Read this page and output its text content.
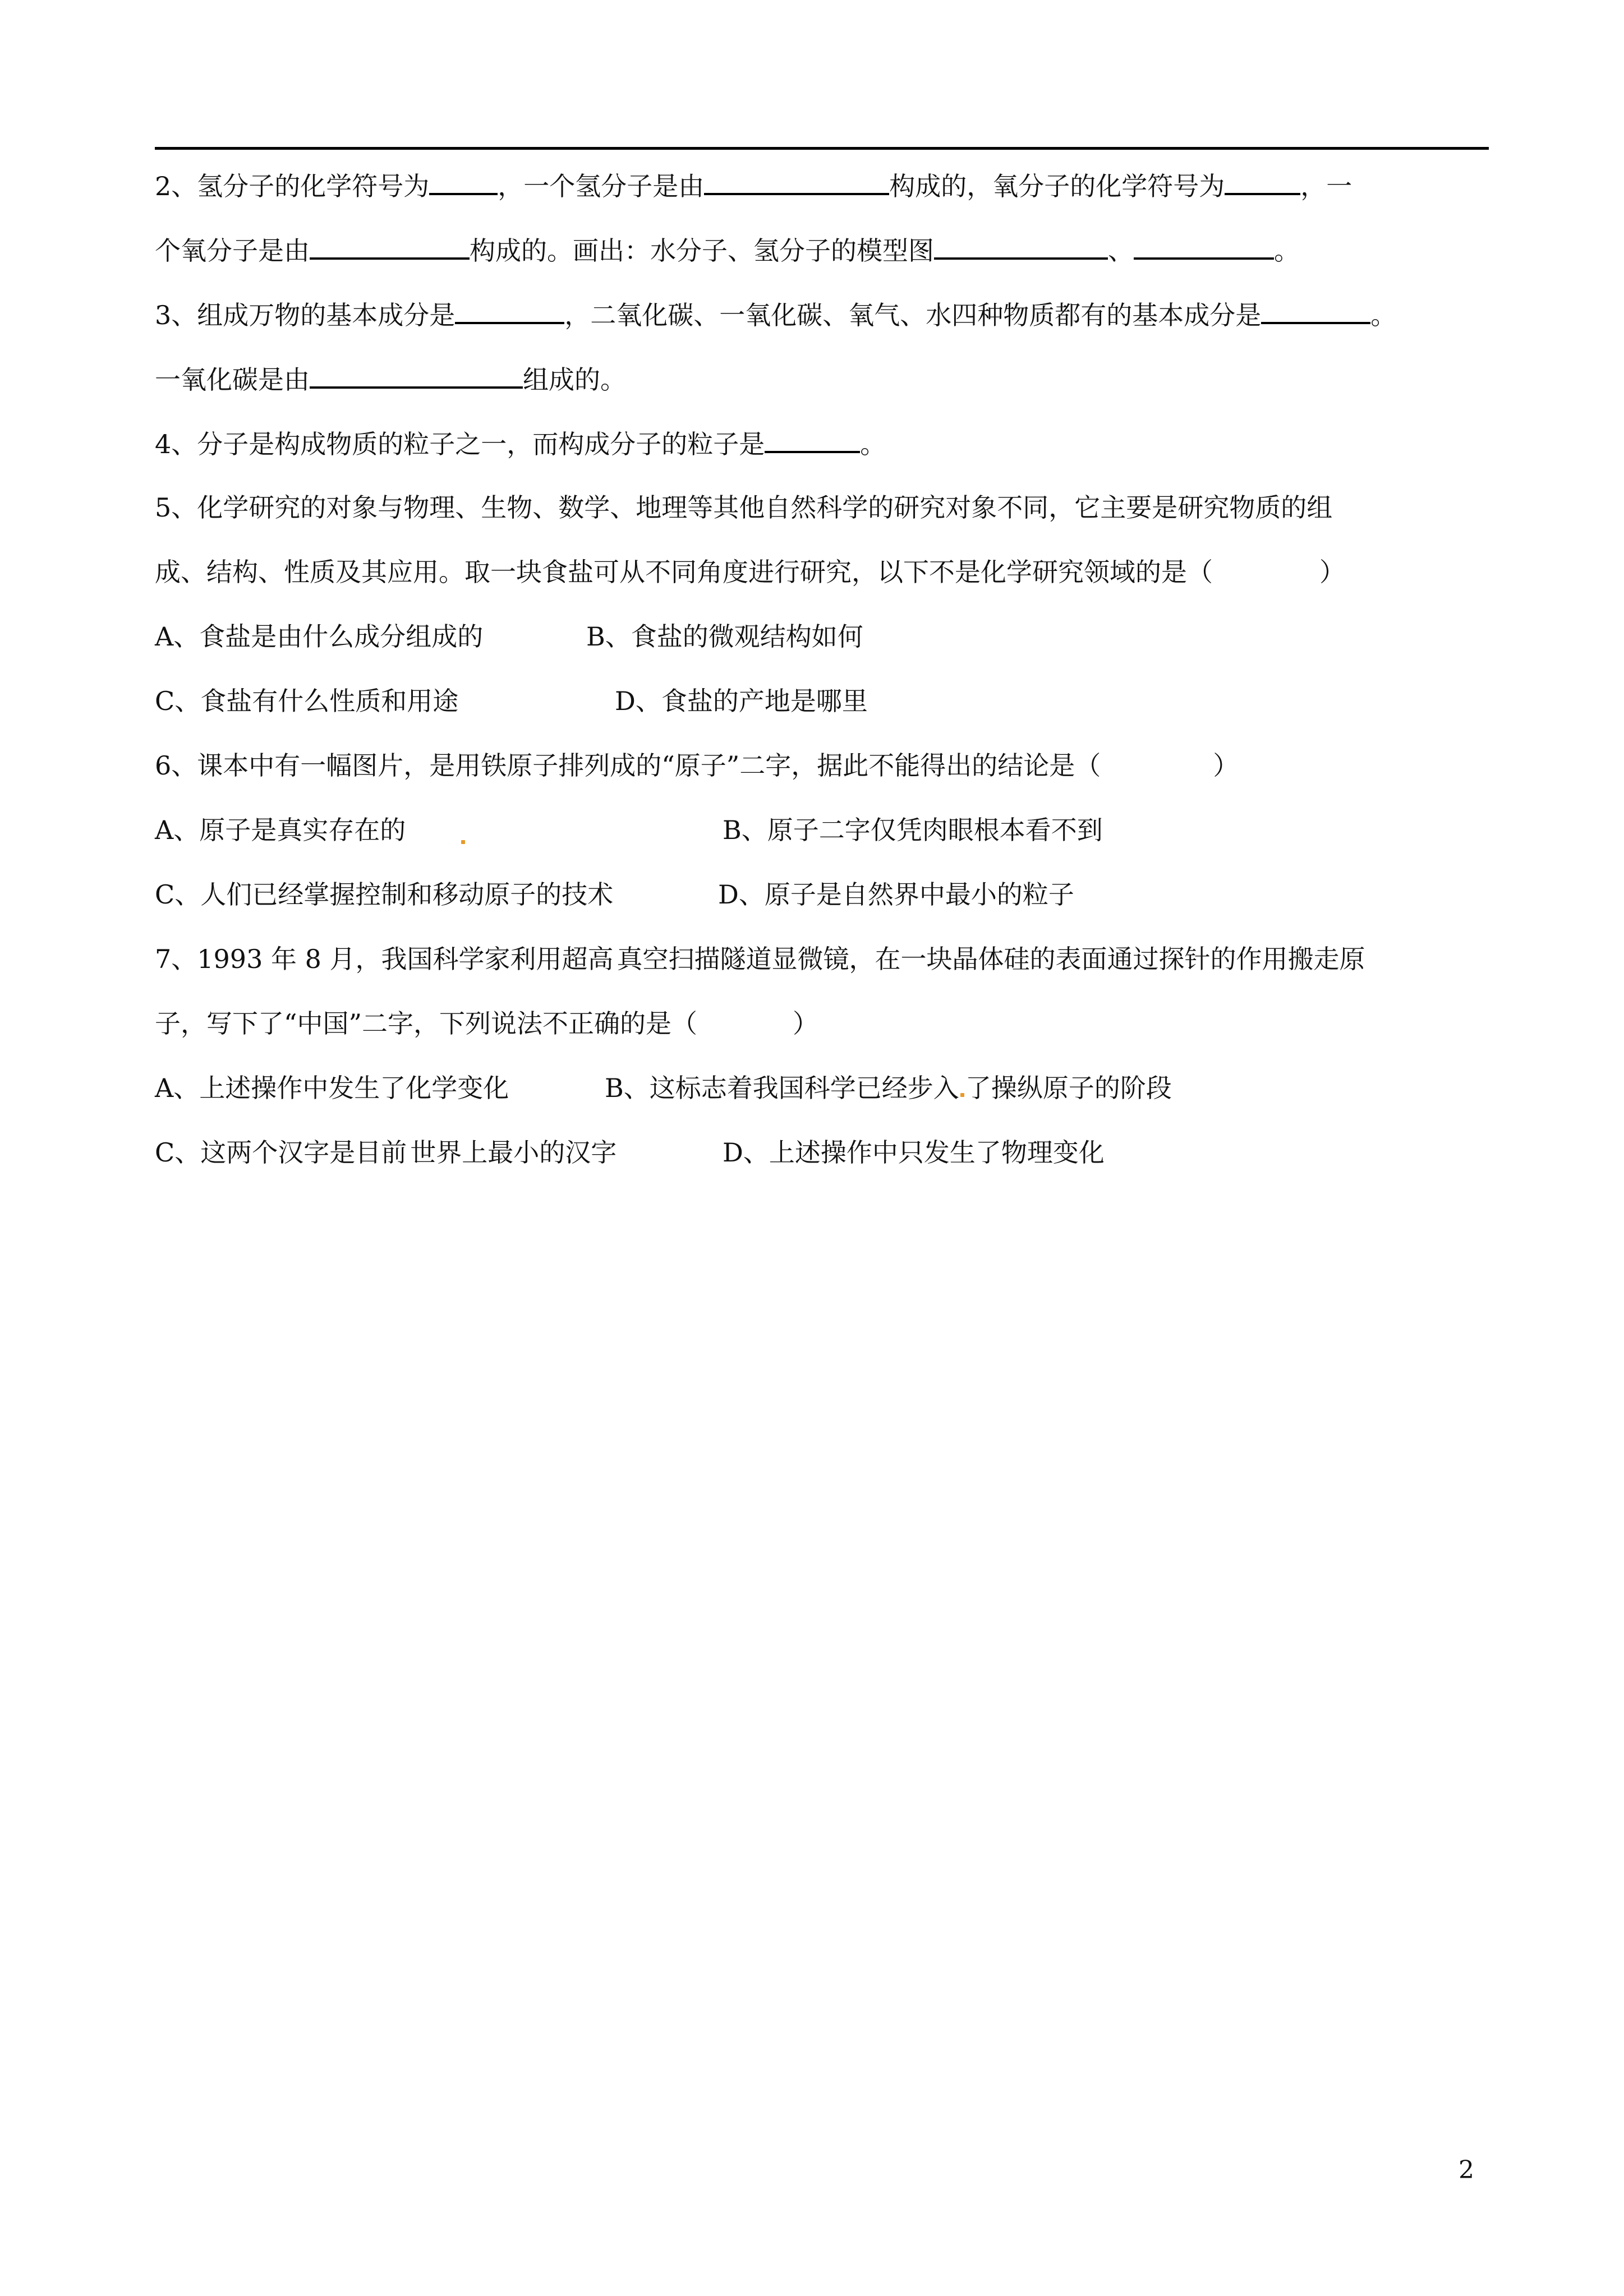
2、氢分子的化学符号为	，一个氢分子是由	构成的，氧分子的化学符号为	，一
个氧分子是由	构成的。画出：水分子、氢分子的模型图	、	。
3、组成万物的基本成分是	，二氧化碳、一氧化碳、氧气、水四种物质都有的基本成分是	。
一氧化碳是由	组成的。
4、分子是构成物质的粒子之一，而构成分子的粒子是	。
5、化学研究的对象与物理、生物、数学、地理等其他自然科学的研究对象不同，它主要是研究物质的组
成、结构、性质及其应用。取一块食盐可从不同角度进行研究，以下不是化学研究领域的是（	）
A、食盐是由什么成分组成的	B、食盐的微观结构如何
C、食盐有什么性质和用途	D、食盐的产地是哪里
6、课本中有一幅图片，是用铁原子排列成的“原子”二字，据此不能得出的结论是（	）
A、原子是真实存在的	B、原子二字仅凭肉眼根本看不到
C、人们已经掌握控制和移动原子的技术	D、原子是自然界中最小的粒子
7、1993 年 8 月，我国科学家利用超高 真空扫描隧道显微镜，在一块晶体硅的表面通过探针的作用搬走原
子，写下了“中国”二字，下列说法不正确的是（	）
A、上述操作中发生了化学变化	B、这标志着我国科学已经步入 了操纵原子的阶段
C、这两个汉字是目前 世界上最小的汉字	D、上述操作中只发生了物理变化
2
